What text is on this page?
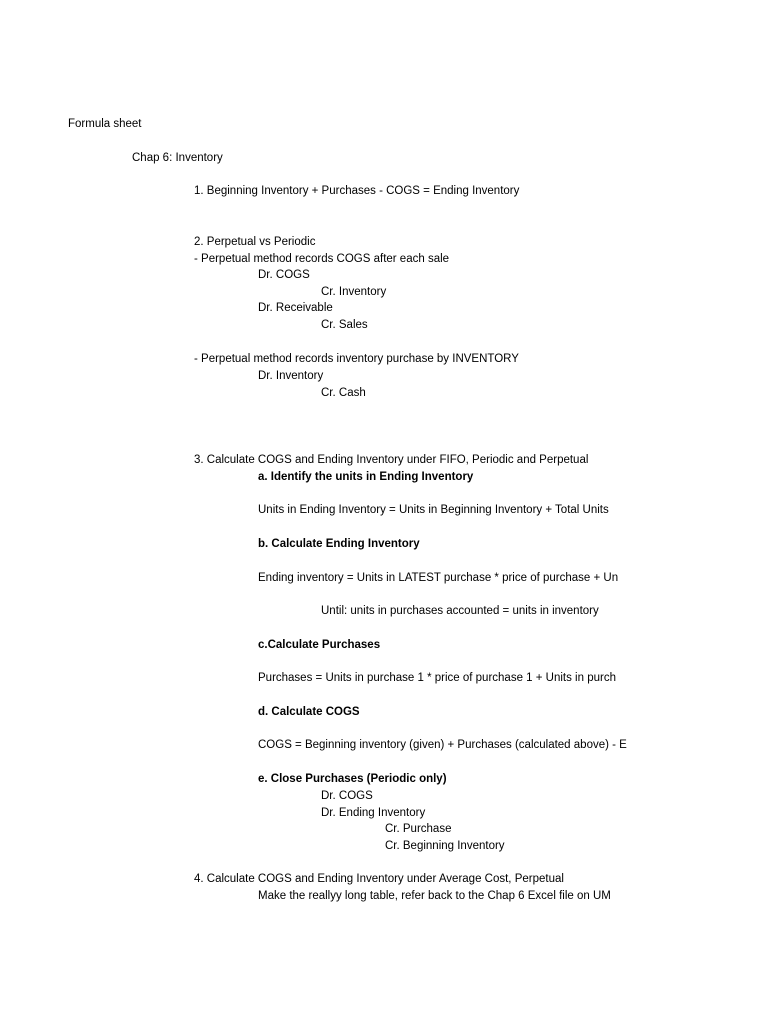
Formula sheet
Chap 6: Inventory
1. Beginning Inventory + Purchases - COGS = Ending Inventory
2. Perpetual vs Periodic
- Perpetual method records COGS after each sale
Dr. COGS
Cr. Inventory
Dr. Receivable
Cr. Sales
- Perpetual method records inventory purchase by INVENTORY
Dr. Inventory
Cr. Cash
3. Calculate COGS and Ending Inventory under FIFO, Periodic and Perpetual
a. Identify the units in Ending Inventory
Units in Ending Inventory = Units in Beginning Inventory + Total Units
b. Calculate Ending Inventory
Ending inventory = Units in LATEST purchase * price of purchase + Un
Until: units in purchases accounted = units in inventory
c.Calculate Purchases
Purchases = Units in purchase 1 * price of purchase 1 + Units in purch
d. Calculate COGS
COGS = Beginning inventory (given) + Purchases (calculated above) - E
e. Close Purchases (Periodic only)
Dr. COGS
Dr. Ending Inventory
Cr. Purchase
Cr. Beginning Inventory
4. Calculate COGS and Ending Inventory under Average Cost, Perpetual
Make the reallyy long table, refer back to the Chap 6 Excel file on UM
